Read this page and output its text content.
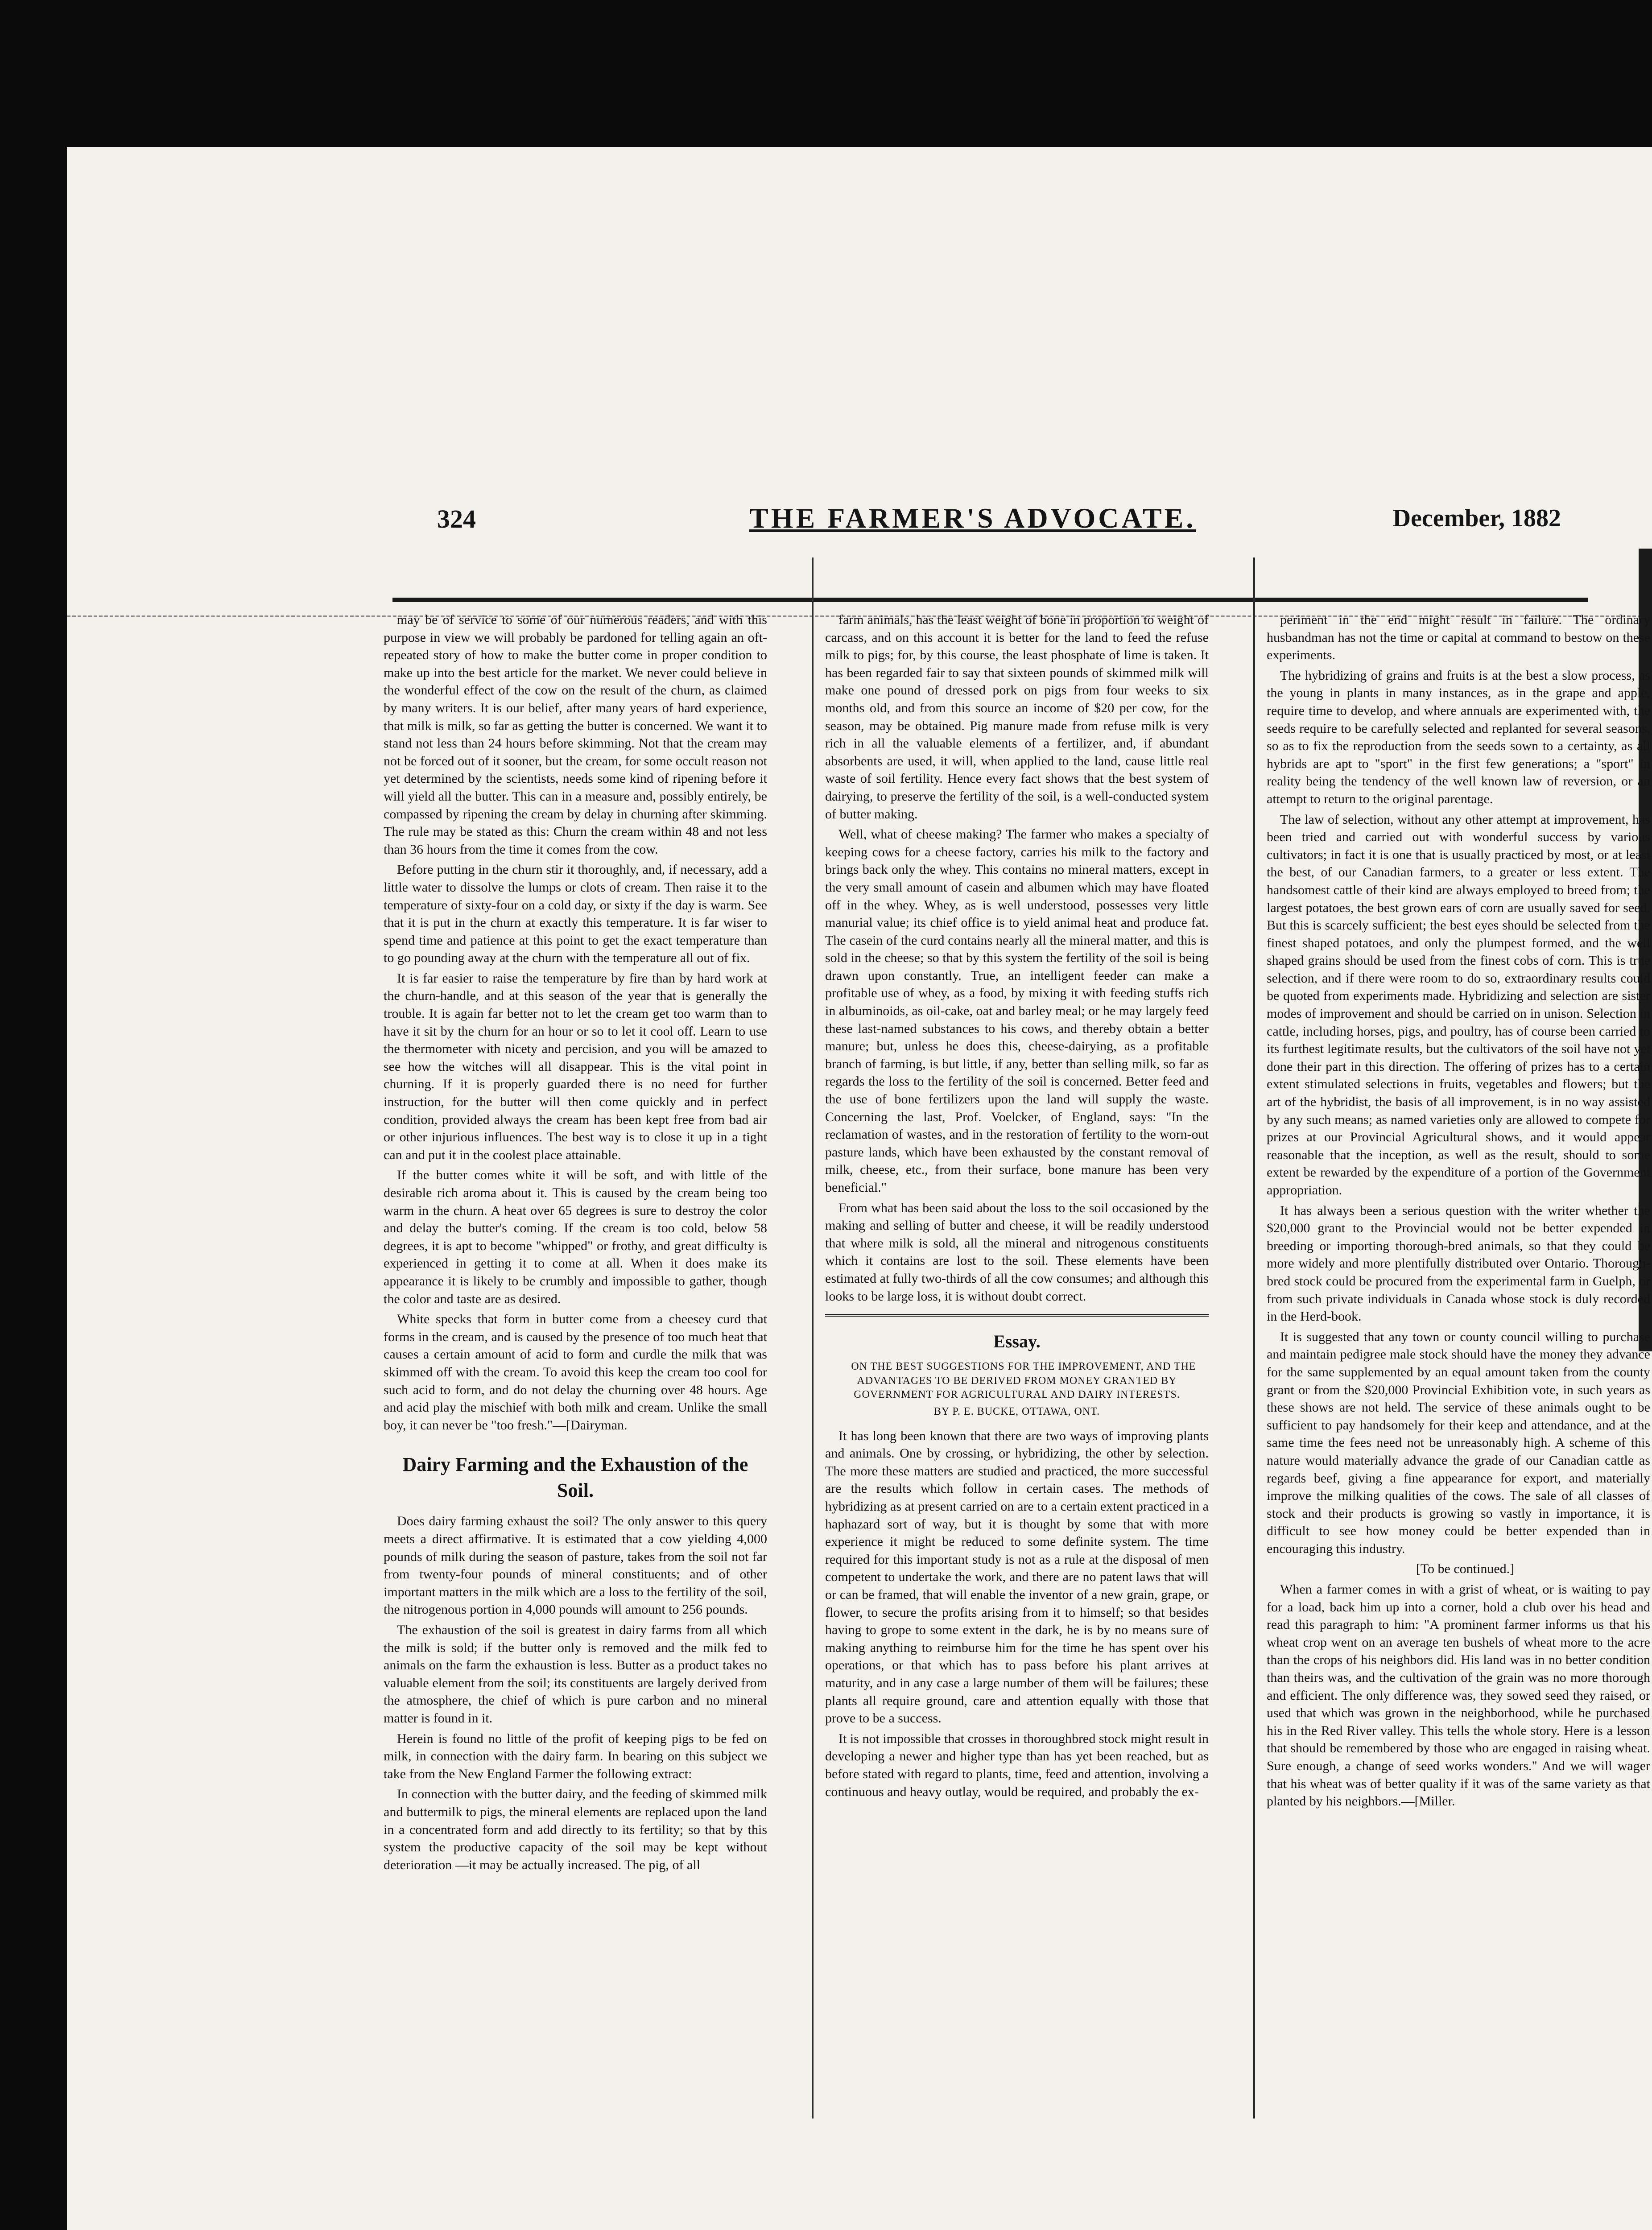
324	THE FARMER'S ADVOCATE.	December, 1882

may be of service to some of our numerous readers, and with this purpose in view we will probably be pardoned for telling again an oft-repeated story of how to make the butter come in proper condition to make up into the best article for the market. We never could believe in the wonderful effect of the cow on the result of the churn, as claimed by many writers. It is our belief, after many years of hard experience, that milk is milk, so far as getting the butter is concerned. We want it to stand not less than 24 hours before skimming. Not that the cream may not be forced out of it sooner, but the cream, for some occult reason not yet determined by the scientists, needs some kind of ripening before it will yield all the butter. This can in a measure and, possibly entirely, be compassed by ripening the cream by delay in churning after skimming. The rule may be stated as this: Churn the cream within 48 and not less than 36 hours from the time it comes from the cow.

Before putting in the churn stir it thoroughly, and, if necessary, add a little water to dissolve the lumps or clots of cream. Then raise it to the temperature of sixty-four on a cold day, or sixty if the day is warm. See that it is put in the churn at exactly this temperature. It is far wiser to spend time and patience at this point to get the exact temperature than to go pounding away at the churn with the temperature all out of fix.

It is far easier to raise the temperature by fire than by hard work at the churn-handle, and at this season of the year that is generally the trouble. It is again far better not to let the cream get too warm than to have it sit by the churn for an hour or so to let it cool off. Learn to use the thermometer with nicety and percision, and you will be amazed to see how the witches will all disappear. This is the vital point in churning. If it is properly guarded there is no need for further instruction, for the butter will then come quickly and in perfect condition, provided always the cream has been kept free from bad air or other injurious influences. The best way is to close it up in a tight can and put it in the coolest place attainable.

If the butter comes white it will be soft, and with little of the desirable rich aroma about it. This is caused by the cream being too warm in the churn. A heat over 65 degrees is sure to destroy the color and delay the butter's coming. If the cream is too cold, below 58 degrees, it is apt to become "whipped" or frothy, and great difficulty is experienced in getting it to come at all. When it does make its appearance it is likely to be crumbly and impossible to gather, though the color and taste are as desired.

White specks that form in butter come from a cheesey curd that forms in the cream, and is caused by the presence of too much heat that causes a certain amount of acid to form and curdle the milk that was skimmed off with the cream. To avoid this keep the cream too cool for such acid to form, and do not delay the churning over 48 hours. Age and acid play the mischief with both milk and cream. Unlike the small boy, it can never be "too fresh."—[Dairyman.

Dairy Farming and the Exhaustion of the Soil.

Does dairy farming exhaust the soil? The only answer to this query meets a direct affirmative. It is estimated that a cow yielding 4,000 pounds of milk during the season of pasture, takes from the soil not far from twenty-four pounds of mineral constituents; and of other important matters in the milk which are a loss to the fertility of the soil, the nitrogenous portion in 4,000 pounds will amount to 256 pounds.

The exhaustion of the soil is greatest in dairy farms from all which the milk is sold; if the butter only is removed and the milk fed to animals on the farm the exhaustion is less. Butter as a product takes no valuable element from the soil; its constituents are largely derived from the atmosphere, the chief of which is pure carbon and no mineral matter is found in it.

Herein is found no little of the profit of keeping pigs to be fed on milk, in connection with the dairy farm. In bearing on this subject we take from the New England Farmer the following extract:

In connection with the butter dairy, and the feeding of skimmed milk and buttermilk to pigs, the mineral elements are replaced upon the land in a concentrated form and add directly to its fertility; so that by this system the productive capacity of the soil may be kept without deterioration —it may be actually increased. The pig, of all

farm animals, has the least weight of bone in proportion to weight of carcass, and on this account it is better for the land to feed the refuse milk to pigs; for, by this course, the least phosphate of lime is taken. It has been regarded fair to say that sixteen pounds of skimmed milk will make one pound of dressed pork on pigs from four weeks to six months old, and from this source an income of $20 per cow, for the season, may be obtained. Pig manure made from refuse milk is very rich in all the valuable elements of a fertilizer, and, if abundant absorbents are used, it will, when applied to the land, cause little real waste of soil fertility. Hence every fact shows that the best system of dairying, to preserve the fertility of the soil, is a well-conducted system of butter making.

Well, what of cheese making? The farmer who makes a specialty of keeping cows for a cheese factory, carries his milk to the factory and brings back only the whey. This contains no mineral matters, except in the very small amount of casein and albumen which may have floated off in the whey. Whey, as is well understood, possesses very little manurial value; its chief office is to yield animal heat and produce fat. The casein of the curd contains nearly all the mineral matter, and this is sold in the cheese; so that by this system the fertility of the soil is being drawn upon constantly. True, an intelligent feeder can make a profitable use of whey, as a food, by mixing it with feeding stuffs rich in albuminoids, as oil-cake, oat and barley meal; or he may largely feed these last-named substances to his cows, and thereby obtain a better manure; but, unless he does this, cheese-dairying, as a profitable branch of farming, is but little, if any, better than selling milk, so far as regards the loss to the fertility of the soil is concerned. Better feed and the use of bone fertilizers upon the land will supply the waste. Concerning the last, Prof. Voelcker, of England, says: "In the reclamation of wastes, and in the restoration of fertility to the worn-out pasture lands, which have been exhausted by the constant removal of milk, cheese, etc., from their surface, bone manure has been very beneficial."

From what has been said about the loss to the soil occasioned by the making and selling of butter and cheese, it will be readily understood that where milk is sold, all the mineral and nitrogenous constituents which it contains are lost to the soil. These elements have been estimated at fully two-thirds of all the cow consumes; and although this looks to be large loss, it is without doubt correct.

Essay.

ON THE BEST SUGGESTIONS FOR THE IMPROVEMENT, AND THE ADVANTAGES TO BE DERIVED FROM MONEY GRANTED BY GOVERNMENT FOR AGRICULTURAL AND DAIRY INTERESTS.

BY P. E. BUCKE, OTTAWA, ONT.

It has long been known that there are two ways of improving plants and animals. One by crossing, or hybridizing, the other by selection. The more these matters are studied and practiced, the more successful are the results which follow in certain cases. The methods of hybridizing as at present carried on are to a certain extent practiced in a haphazard sort of way, but it is thought by some that with more experience it might be reduced to some definite system. The time required for this important study is not as a rule at the disposal of men competent to undertake the work, and there are no patent laws that will or can be framed, that will enable the inventor of a new grain, grape, or flower, to secure the profits arising from it to himself; so that besides having to grope to some extent in the dark, he is by no means sure of making anything to reimburse him for the time he has spent over his operations, or that which has to pass before his plant arrives at maturity, and in any case a large number of them will be failures; these plants all require ground, care and attention equally with those that prove to be a success.

It is not impossible that crosses in thoroughbred stock might result in developing a newer and higher type than has yet been reached, but as before stated with regard to plants, time, feed and attention, involving a continuous and heavy outlay, would be required, and probably the ex-

periment in the end might result in failure. The ordinary husbandman has not the time or capital at command to bestow on these experiments.

The hybridizing of grains and fruits is at the best a slow process, as the young in plants in many instances, as in the grape and apple, require time to develop, and where annuals are experimented with, the seeds require to be carefully selected and replanted for several seasons, so as to fix the reproduction from the seeds sown to a certainty, as all hybrids are apt to "sport" in the first few generations; a "sport" in reality being the tendency of the well known law of reversion, or an attempt to return to the original parentage.

The law of selection, without any other attempt at improvement, has been tried and carried out with wonderful success by various cultivators; in fact it is one that is usually practiced by most, or at least the best, of our Canadian farmers, to a greater or less extent. The handsomest cattle of their kind are always employed to breed from; the largest potatoes, the best grown ears of corn are usually saved for seed. But this is scarcely sufficient; the best eyes should be selected from the finest shaped potatoes, and only the plumpest formed, and the well shaped grains should be used from the finest cobs of corn. This is true selection, and if there were room to do so, extraordinary results could be quoted from experiments made. Hybridizing and selection are sister modes of improvement and should be carried on in unison. Selection in cattle, including horses, pigs, and poultry, has of course been carried to its furthest legitimate results, but the cultivators of the soil have not yet done their part in this direction. The offering of prizes has to a certain extent stimulated selections in fruits, vegetables and flowers; but the art of the hybridist, the basis of all improvement, is in no way assisted by any such means; as named varieties only are allowed to compete for prizes at our Provincial Agricultural shows, and it would appear reasonable that the inception, as well as the result, should to some extent be rewarded by the expenditure of a portion of the Government appropriation.

It has always been a serious question with the writer whether the $20,000 grant to the Provincial would not be better expended in breeding or importing thorough-bred animals, so that they could be more widely and more plentifully distributed over Ontario. Thorough-bred stock could be procured from the experimental farm in Guelph, or from such private individuals in Canada whose stock is duly recorded in the Herd-book.

It is suggested that any town or county council willing to purchase and maintain pedigree male stock should have the money they advance for the same supplemented by an equal amount taken from the county grant or from the $20,000 Provincial Exhibition vote, in such years as these shows are not held. The service of these animals ought to be sufficient to pay handsomely for their keep and attendance, and at the same time the fees need not be unreasonably high. A scheme of this nature would materially advance the grade of our Canadian cattle as regards beef, giving a fine appearance for export, and materially improve the milking qualities of the cows. The sale of all classes of stock and their products is growing so vastly in importance, it is difficult to see how money could be better expended than in encouraging this industry.

[To be continued.]

When a farmer comes in with a grist of wheat, or is waiting to pay for a load, back him up into a corner, hold a club over his head and read this paragraph to him: "A prominent farmer informs us that his wheat crop went on an average ten bushels of wheat more to the acre than the crops of his neighbors did. His land was in no better condition than theirs was, and the cultivation of the grain was no more thorough and efficient. The only difference was, they sowed seed they raised, or used that which was grown in the neighborhood, while he purchased his in the Red River valley. This tells the whole story. Here is a lesson that should be remembered by those who are engaged in raising wheat. Sure enough, a change of seed works wonders." And we will wager that his wheat was of better quality if it was of the same variety as that planted by his neighbors.—[Miller.
